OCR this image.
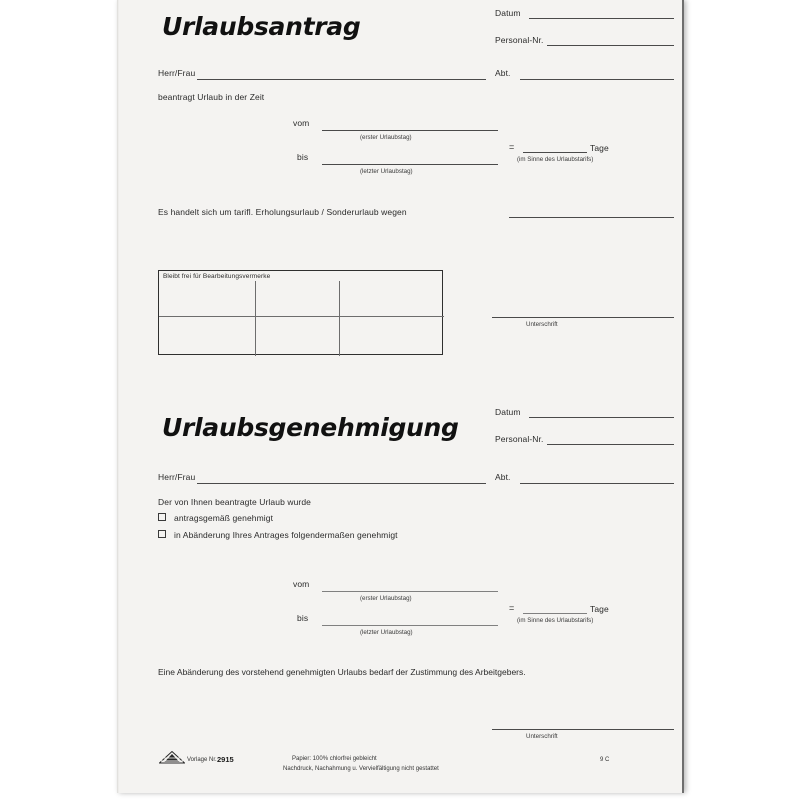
Urlaubsantrag	Datum
Personal-Nr.
Herr/Frau	Abt.
beantragt Urlaub in der Zeit
vom
(erster Urlaubstag)
bis
(letzter Urlaubstag)
=	Tage
(im Sinne des Urlaubstarifs)
Es handelt sich um tarifl. Erholungsurlaub / Sonderurlaub wegen
Bleibt frei für Bearbeitungsvermerke
Unterschrift
Urlaubsgenehmigung
Datum
Personal-Nr.
Herr/Frau	Abt.
Der von Ihnen beantragte Urlaub wurde
antragsgemäß genehmigt
in Abänderung Ihres Antrages folgendermaßen genehmigt
vom
(erster Urlaubstag)
bis
(letzter Urlaubstag)
=	Tage
(im Sinne des Urlaubstarifs)
Eine Abänderung des vorstehend genehmigten Urlaubs bedarf der Zustimmung des Arbeitgebers.
Unterschrift
Vorlage Nr. 2915	Papier: 100% chlorfrei gebleicht
Nachdruck, Nachahmung u. Vervielfältigung nicht gestattet
9 C
